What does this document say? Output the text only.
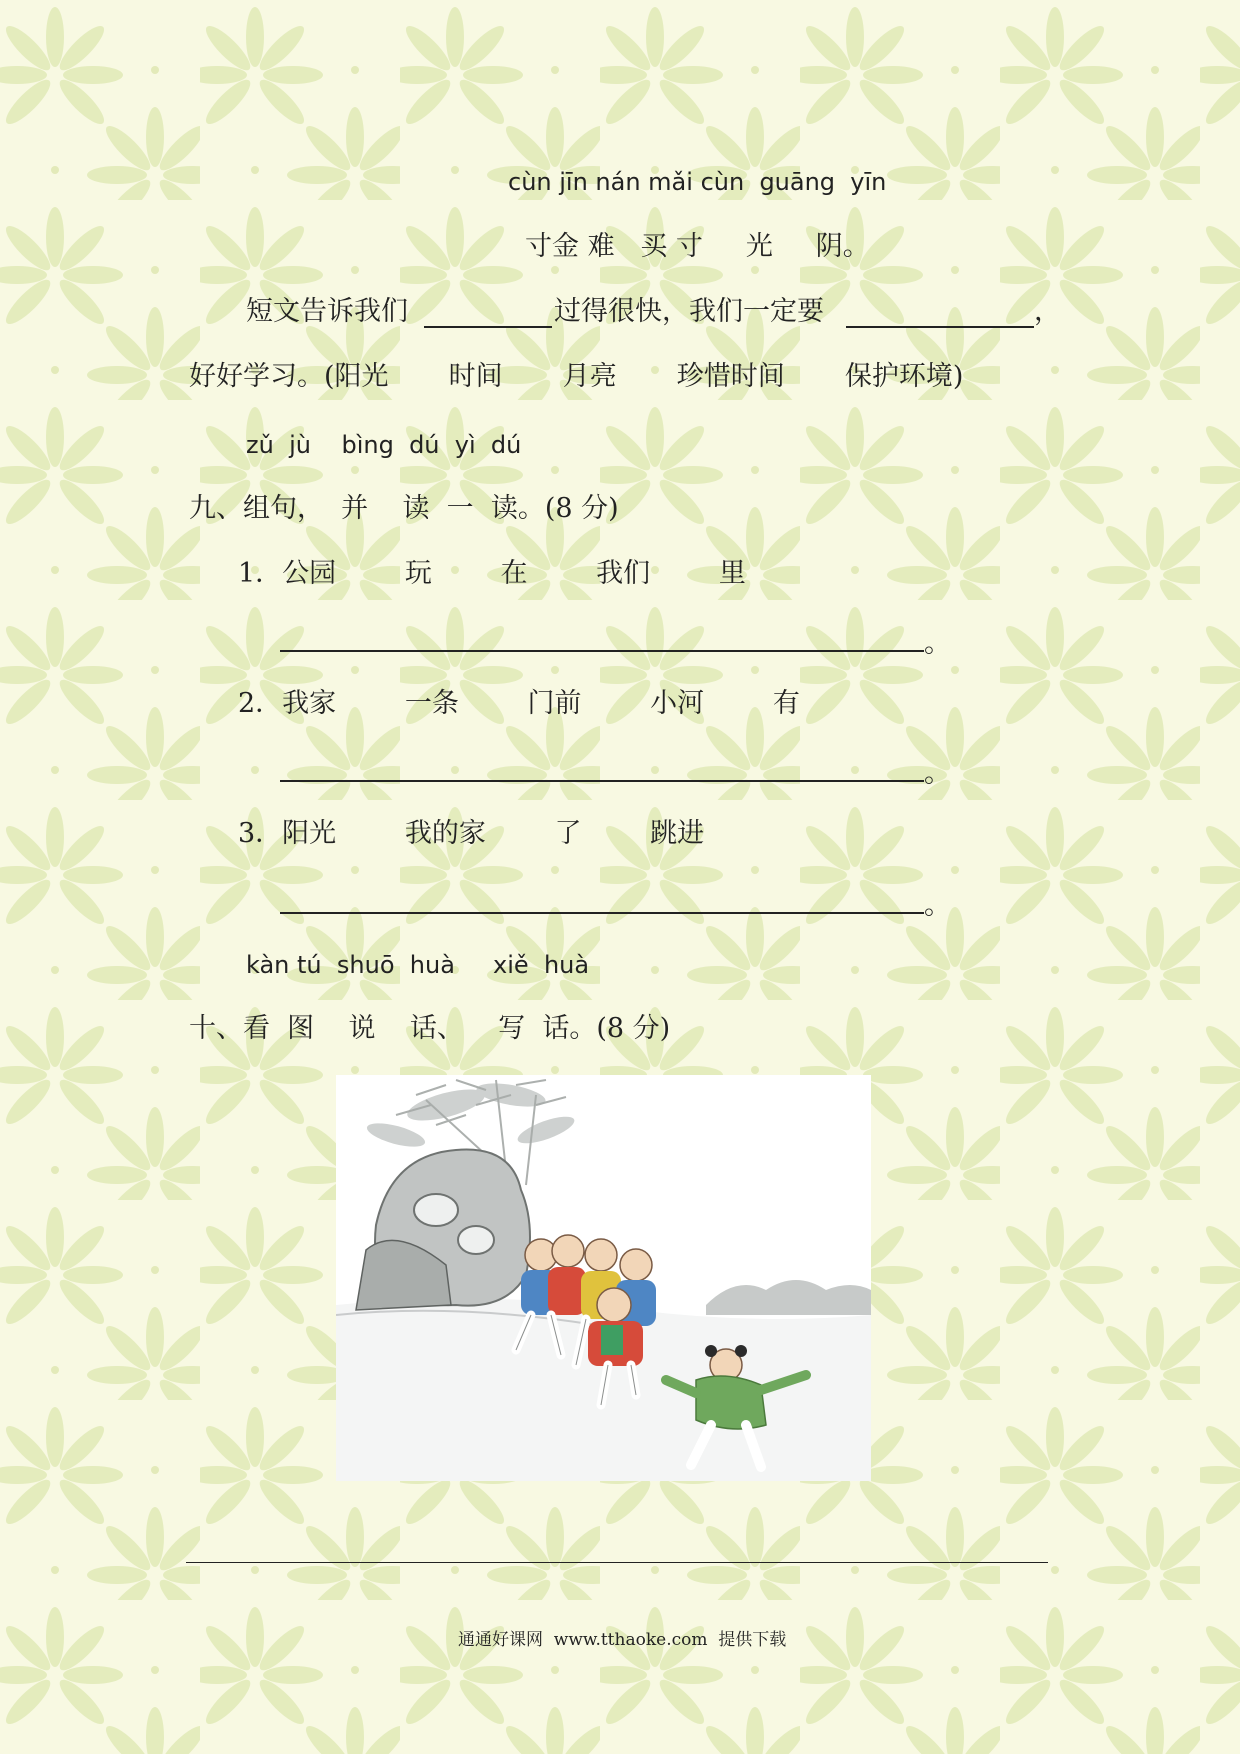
cùn jīn nán mǎi cùn  guāng  yīn
寸金 难   买 寸     光     阴。
短文告诉我们	过得很快，我们一定要	，
好好学习。(阳光       时间       月亮       珍惜时间       保护环境)
zǔ  jù    bìng  dú  yì  dú
九、组句，  并    读  一  读。(8 分)
1．公园        玩        在        我们        里
。
2．我家        一条        门前        小河        有
。
3．阳光        我的家        了        跳进
。
kàn tú  shuō  huà     xiě  huà
十、看  图    说    话、    写  话。(8 分)
通通好课网  www.tthaoke.com  提供下载
